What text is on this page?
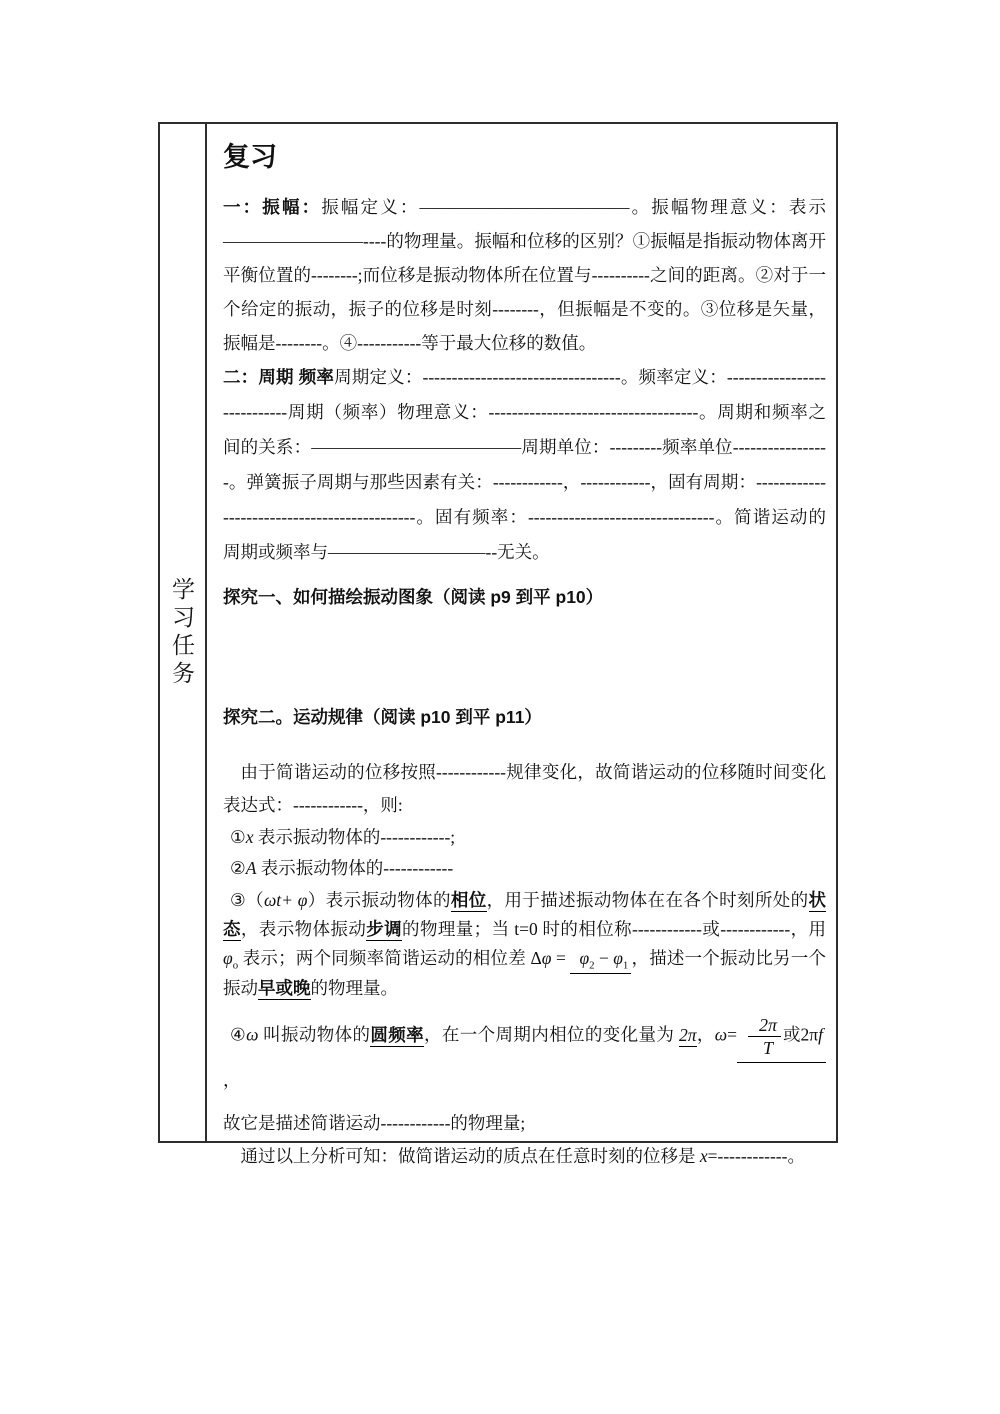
学习任务
复习

一：振幅：振幅定义：————————————。振幅物理意义：表示————————----的物理量。振幅和位移的区别？①振幅是指振动物体离开平衡位置的--------;而位移是振动物体所在位置与----------之间的距离。②对于一个给定的振动，振子的位移是时刻--------，但振幅是不变的。③位移是矢量，振幅是--------。④-----------等于最大位移的数值。

二：周期 频率周期定义：----------------------------------。频率定义：----------------------------周期（频率）物理意义：------------------------------------。周期和频率之间的关系：————————————周期单位：---------频率单位-----------------。弹簧振子周期与那些因素有关：------------，------------，固有周期：---------------------------------------------。固有频率：--------------------------------。简谐运动的周期或频率与—————————--无关。

探究一、如何描绘振动图象（阅读 p9 到平 p10）

探究二。运动规律（阅读 p10 到平 p11）

由于简谐运动的位移按照------------规律变化，故简谐运动的位移随时间变化表达式：------------，则:

①x 表示振动物体的------------;

②A 表示振动物体的------------

③（ωt+ φ）表示振动物体的相位，用于描述振动物体在在各个时刻所处的状态，表示物体振动步调的物理量；当 t=0 时的相位称------------或------------，用 $\varphi_o$ 表示；两个同频率简谐运动的相位差 $\Delta\varphi = \varphi_2 - \varphi_1$ ，描述一个振动比另一个振动早或晚的物理量。

④ω 叫振动物体的圆频率，在一个周期内相位的变化量为 2π，$\omega= \frac{2\pi}{T}$ 或2πf，

故它是描述简谐运动------------的物理量;

通过以上分析可知：做简谐运动的质点在任意时刻的位移是 x=------------。
